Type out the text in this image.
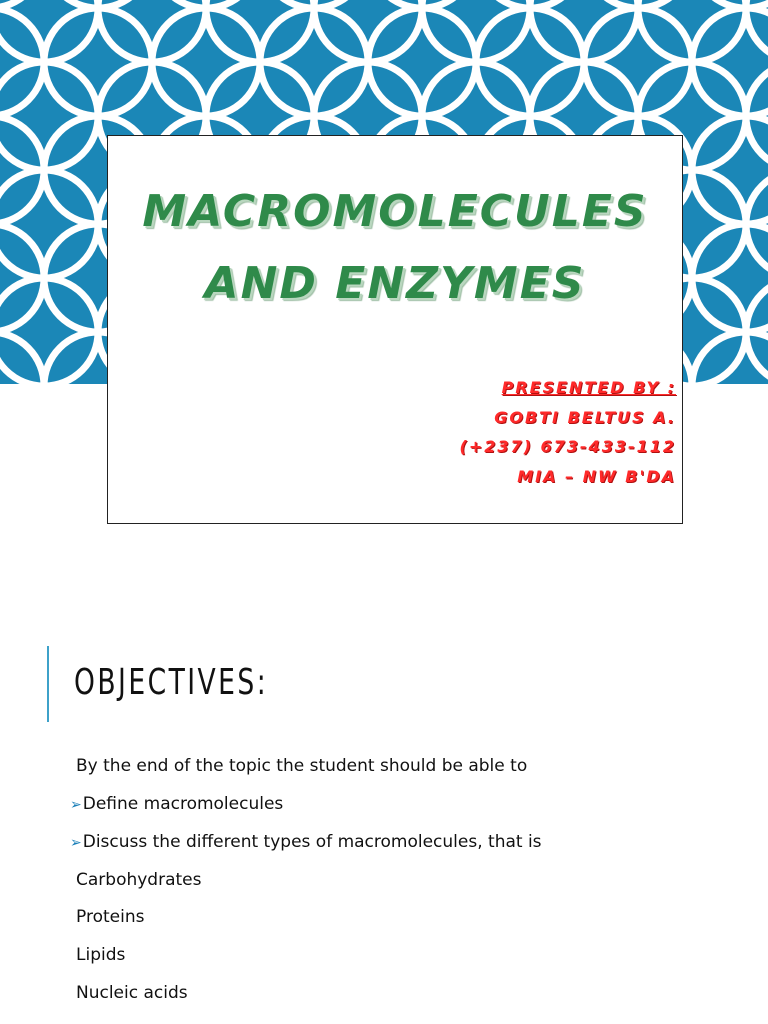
MACROMOLECULES
AND ENZYMES
PRESENTED BY :
GOBTI BELTUS A.
(+237) 673-433-112
MIA – NW B'DA
OBJECTIVES:
By the end of the topic the student should be able to
➢Define macromolecules
➢Discuss the different types of macromolecules, that is
Carbohydrates
Proteins
Lipids
Nucleic acids
